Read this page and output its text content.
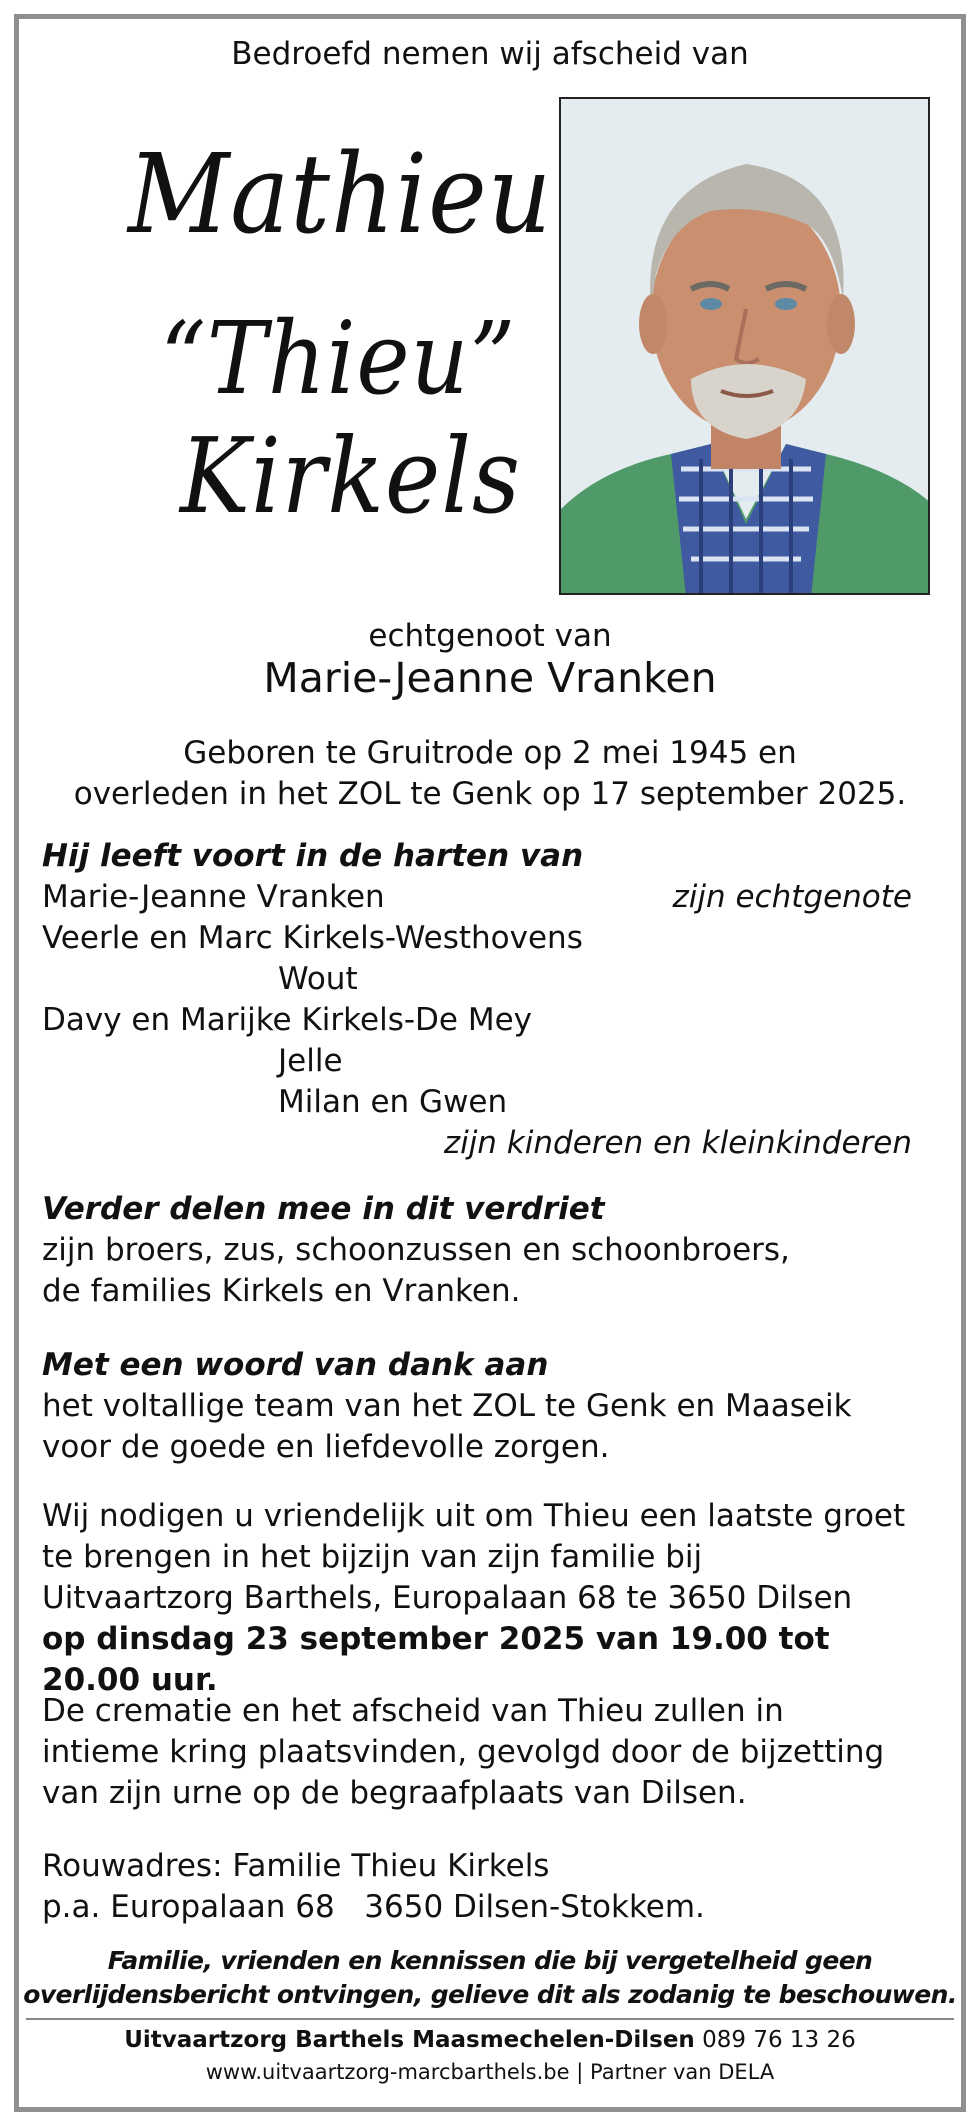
Bedroefd nemen wij afscheid van
Mathieu
“Thieu”
Kirkels
echtgenoot van
Marie-Jeanne Vranken
Geboren te Gruitrode op 2 mei 1945 en
overleden in het ZOL te Genk op 17 september 2025.
Hij leeft voort in de harten van
Marie-Jeanne Vranken	zijn echtgenote
Veerle en Marc Kirkels-Westhovens
Wout
Davy en Marijke Kirkels-De Mey
Jelle
Milan en Gwen
zijn kinderen en kleinkinderen
Verder delen mee in dit verdriet
zijn broers, zus, schoonzussen en schoonbroers,
de families Kirkels en Vranken.
Met een woord van dank aan
het voltallige team van het ZOL te Genk en Maaseik
voor de goede en liefdevolle zorgen.
Wij nodigen u vriendelijk uit om Thieu een laatste groet
te brengen in het bijzijn van zijn familie bij
Uitvaartzorg Barthels, Europalaan 68 te 3650 Dilsen
op dinsdag 23 september 2025 van 19.00 tot 20.00 uur.
De crematie en het afscheid van Thieu zullen in
intieme kring plaatsvinden, gevolgd door de bijzetting
van zijn urne op de begraafplaats van Dilsen.
Rouwadres: Familie Thieu Kirkels
p.a. Europalaan 68   3650 Dilsen-Stokkem.
Familie, vrienden en kennissen die bij vergetelheid geen
overlijdensbericht ontvingen, gelieve dit als zodanig te beschouwen.
Uitvaartzorg Barthels Maasmechelen-Dilsen 089 76 13 26
www.uitvaartzorg-marcbarthels.be | Partner van DELA
